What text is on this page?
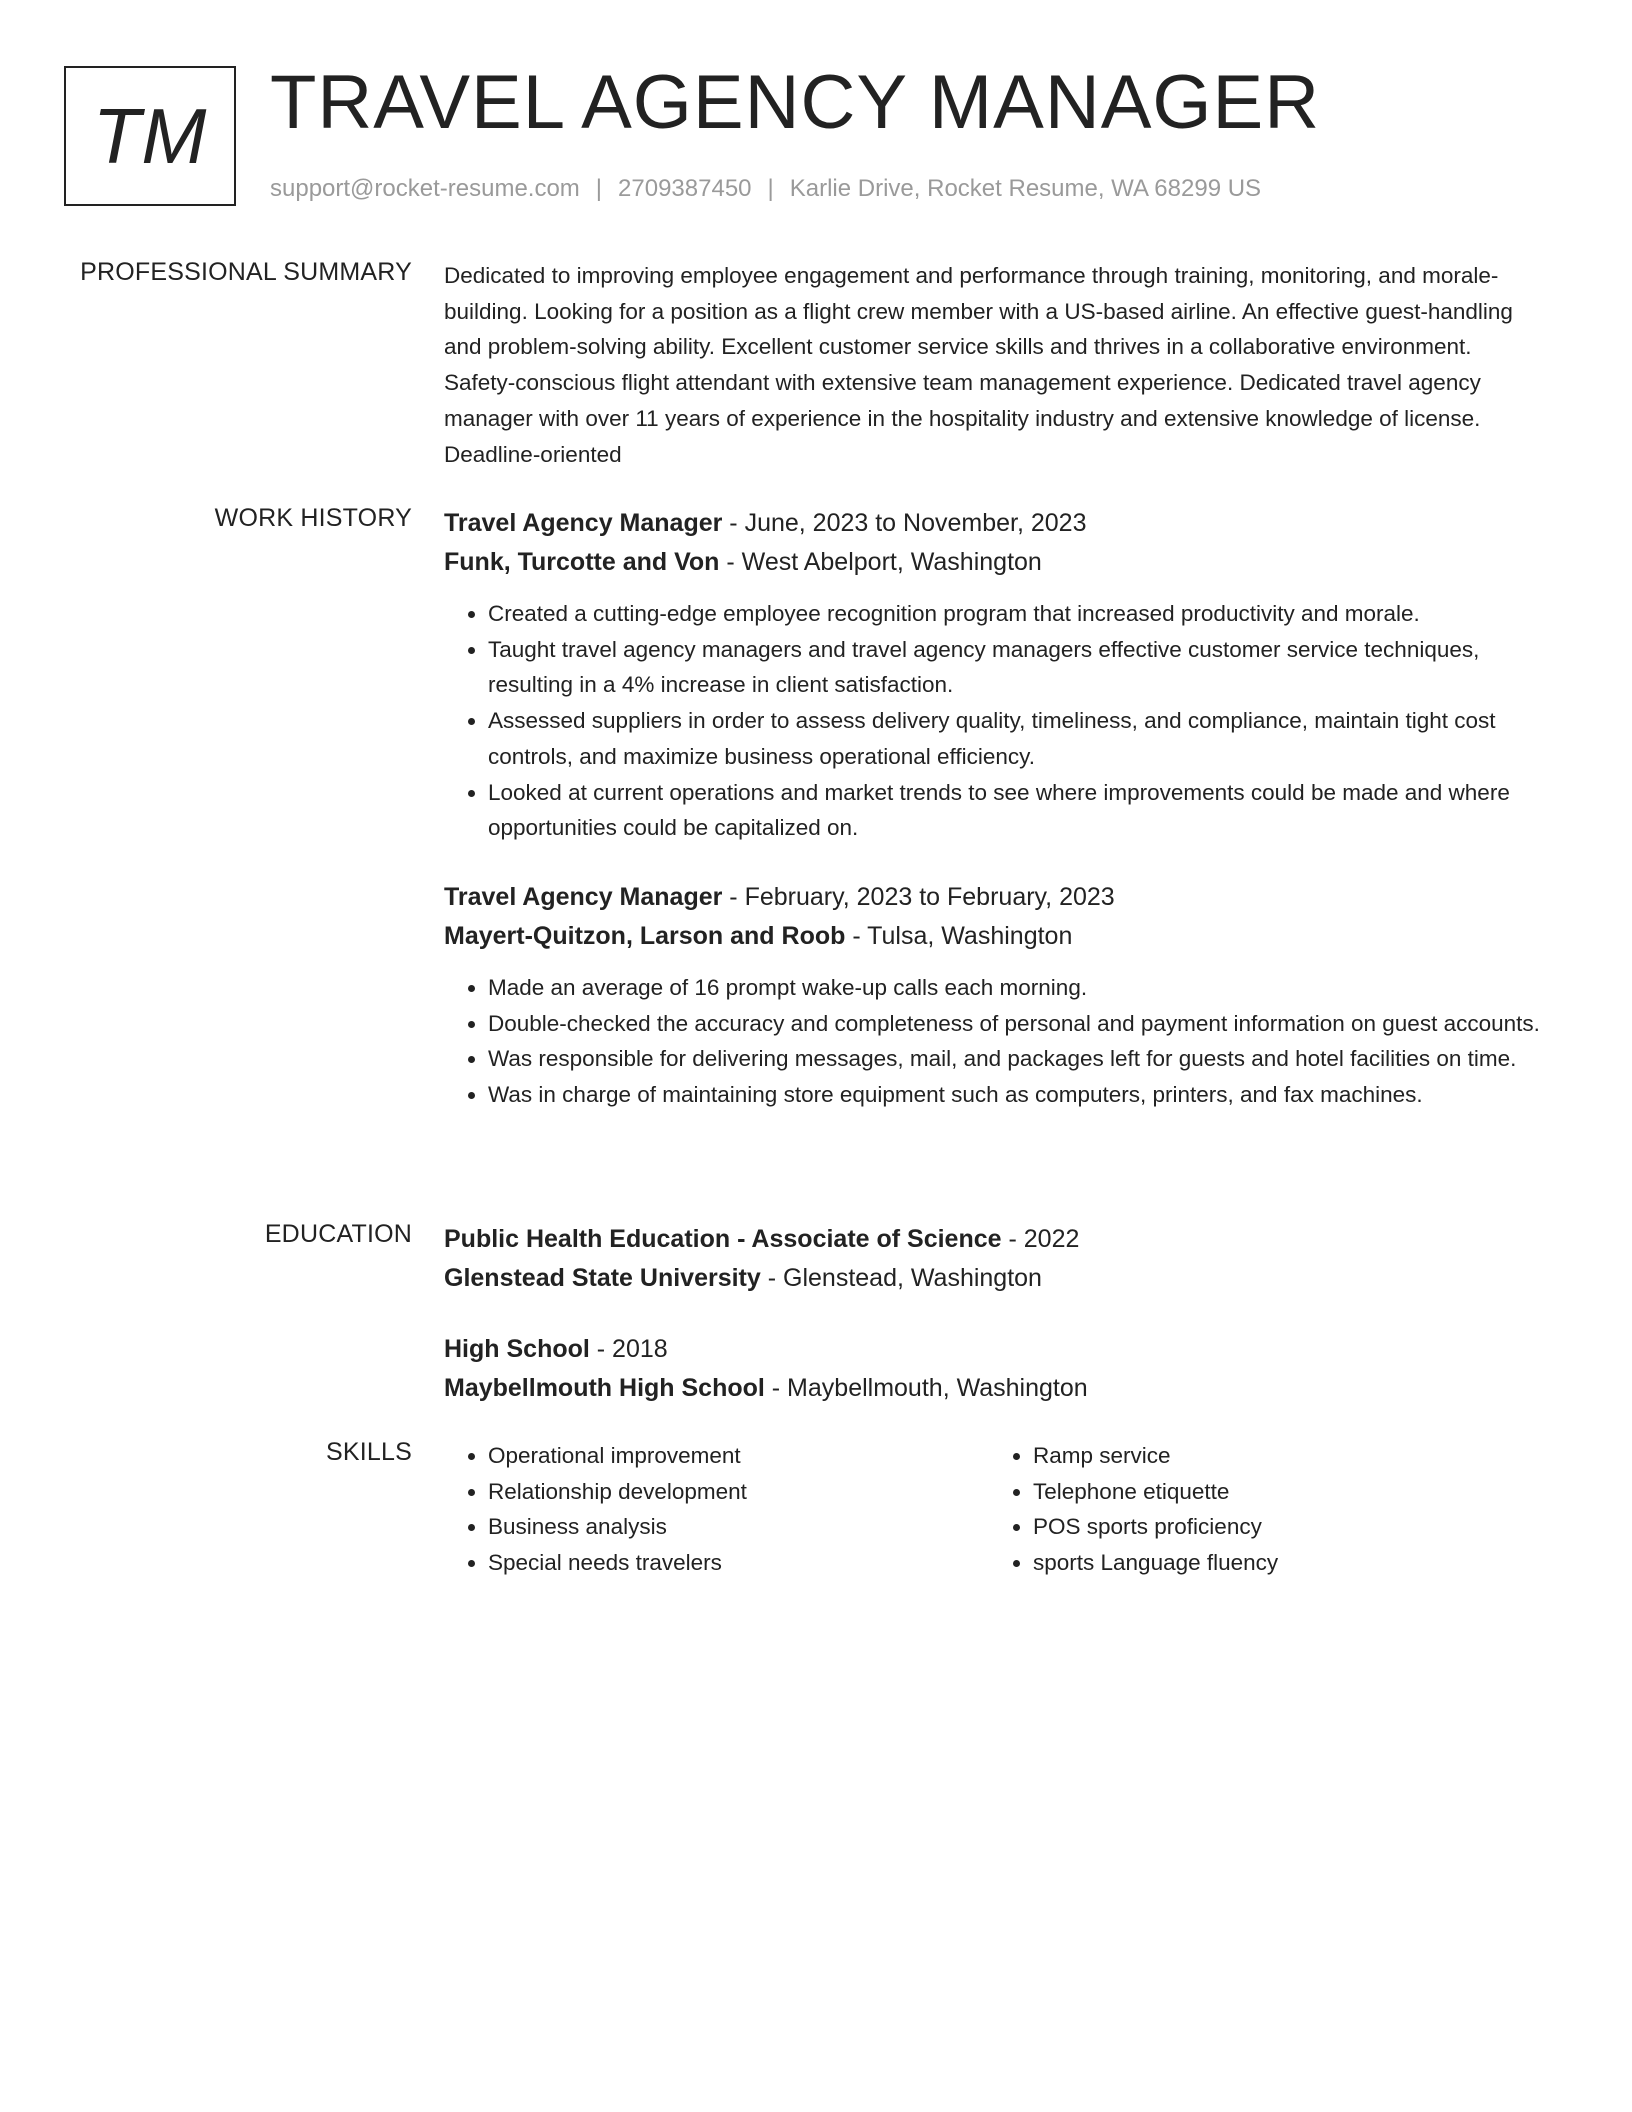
TM TRAVEL AGENCY MANAGER
support@rocket-resume.com | 2709387450 | Karlie Drive, Rocket Resume, WA 68299 US
PROFESSIONAL SUMMARY Dedicated to improving employee engagement and performance through training, monitoring, and morale-building. Looking for a position as a flight crew member with a US-based airline. An effective guest-handling and problem-solving ability. Excellent customer service skills and thrives in a collaborative environment. Safety-conscious flight attendant with extensive team management experience. Dedicated travel agency manager with over 11 years of experience in the hospitality industry and extensive knowledge of license. Deadline-oriented

WORK HISTORY Travel Agency Manager - June, 2023 to November, 2023
Funk, Turcotte and Von - West Abelport, Washington
• Created a cutting-edge employee recognition program that increased productivity and morale.
• Taught travel agency managers and travel agency managers effective customer service techniques, resulting in a 4% increase in client satisfaction.
• Assessed suppliers in order to assess delivery quality, timeliness, and compliance, maintain tight cost controls, and maximize business operational efficiency.
• Looked at current operations and market trends to see where improvements could be made and where opportunities could be capitalized on.
Travel Agency Manager - February, 2023 to February, 2023
Mayert-Quitzon, Larson and Roob - Tulsa, Washington
• Made an average of 16 prompt wake-up calls each morning.
• Double-checked the accuracy and completeness of personal and payment information on guest accounts.
• Was responsible for delivering messages, mail, and packages left for guests and hotel facilities on time.
• Was in charge of maintaining store equipment such as computers, printers, and fax machines.
EDUCATION Public Health Education - Associate of Science - 2022
Glenstead State University - Glenstead, Washington
High School - 2018
Maybellmouth High School - Maybellmouth, Washington
SKILLS
•	Operational improvement
• Relationship development
• Business analysis
• Special needs travelers
• Ramp service
• Telephone etiquette
• POS sports proficiency
• sports Language fluency
